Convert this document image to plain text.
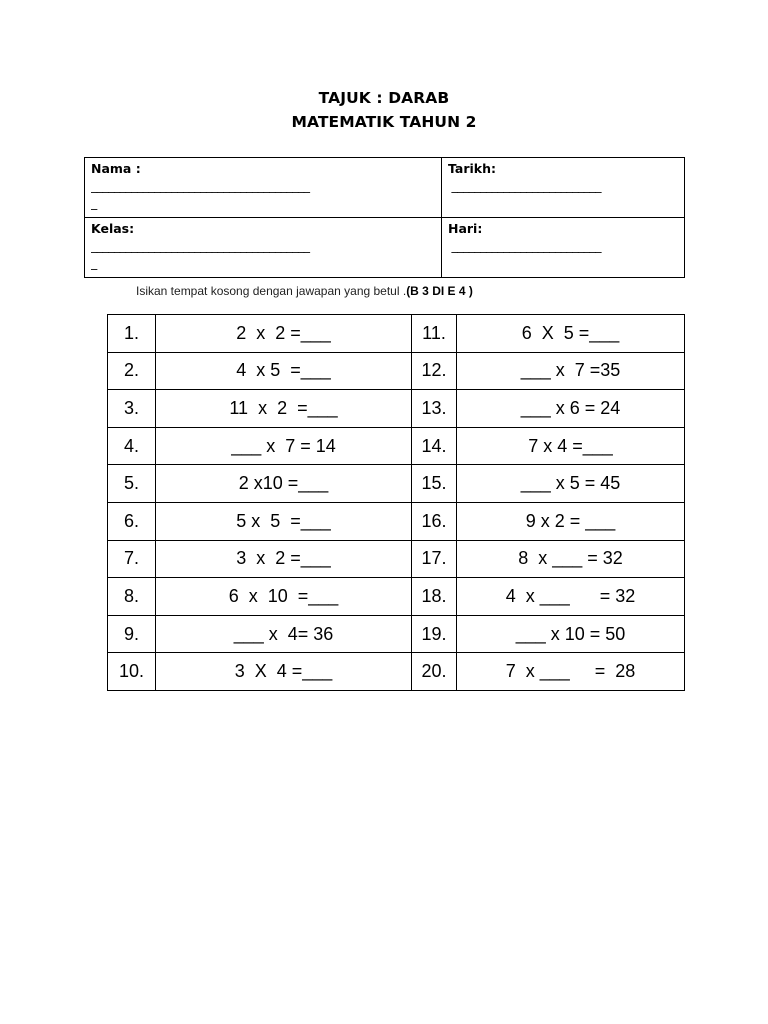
TAJUK : DARAB
MATEMATIK TAHUN 2
Nama :
______________________________________
_	Tarikh:
__________________________

Kelas:
______________________________________
_	Hari:
__________________________
Isikan tempat kosong dengan jawapan yang betul .(B 3 DI E 4 )
1.	2  x  2 =___	11.	6  X  5 =___
2.	4  x 5  =___	12.	___ x  7 =35
3.	11  x  2  =___	13.	___ x 6 = 24
4.	___ x  7 = 14	14.	7 x 4 =___
5.	2 x10 =___	15.	___ x 5 = 45
6.	5 x  5  =___	16.	9 x 2 = ___
7.	3  x  2 =___	17.	8  x ___ = 32
8.	6  x  10  =___	18.	4  x ___      = 32
9.	___ x  4= 36	19.	___ x 10 = 50
10.	3  X  4 =___	20.	7  x ___     =  28
